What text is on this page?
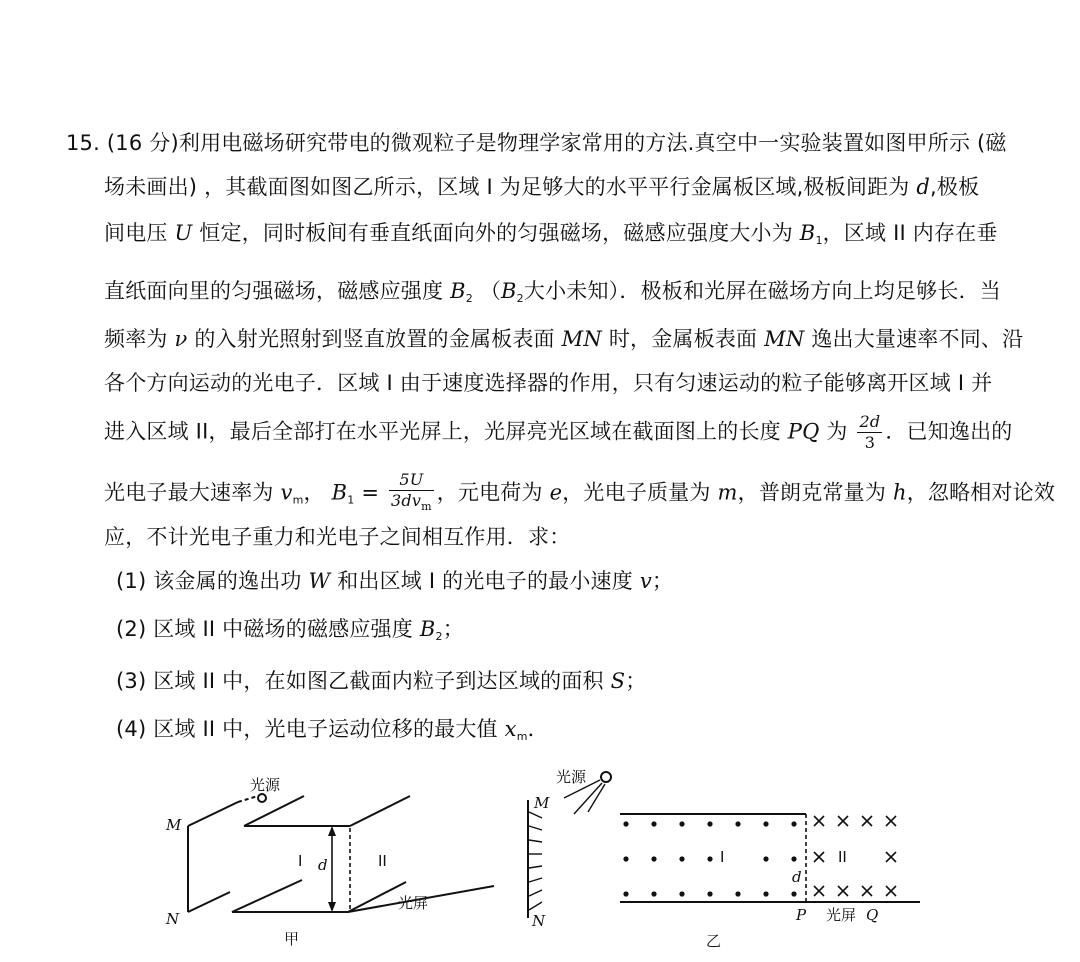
15. (16 分)利用电磁场研究带电的微观粒子是物理学家常用的方法.真空中一实验装置如图甲所示 (磁
场未画出) ，其截面图如图乙所示，区域 I 为足够大的水平平行金属板区域,极板间距为 d,极板
间电压 U 恒定，同时板间有垂直纸面向外的匀强磁场，磁感应强度大小为 $B_1$，区域 II 内存在垂
直纸面向里的匀强磁场，磁感应强度 $B_2$ （$B_2$大小未知）．极板和光屏在磁场方向上均足够长．当
频率为 ν 的入射光照射到竖直放置的金属板表面 MN 时，金属板表面 MN 逸出大量速率不同、沿
各个方向运动的光电子．区域 I 由于速度选择器的作用，只有匀速运动的粒子能够离开区域 I 并
进入区域 II，最后全部打在水平光屏上，光屏亮光区域在截面图上的长度 PQ 为 $\frac{2d}{3}$ ．已知逸出的
光电子最大速率为 $v_m$， $B_1 = \frac{5U}{3dv_m}$ ，元电荷为 e，光电子质量为 m，普朗克常量为 h，忽略相对论效
应，不计光电子重力和光电子之间相互作用．求：
(1) 该金属的逸出功 W 和出区域 I 的光电子的最小速度 v；
(2) 区域 II 中磁场的磁感应强度 $B_2$；
(3) 区域 II 中，在如图乙截面内粒子到达区域的面积 S；
(4) 区域 II 中，光电子运动位移的最大值 $x_m$．
光源
M
N
I d	II
光屏
甲
光源
M
N
I
d
II
P 光屏 Q
乙
